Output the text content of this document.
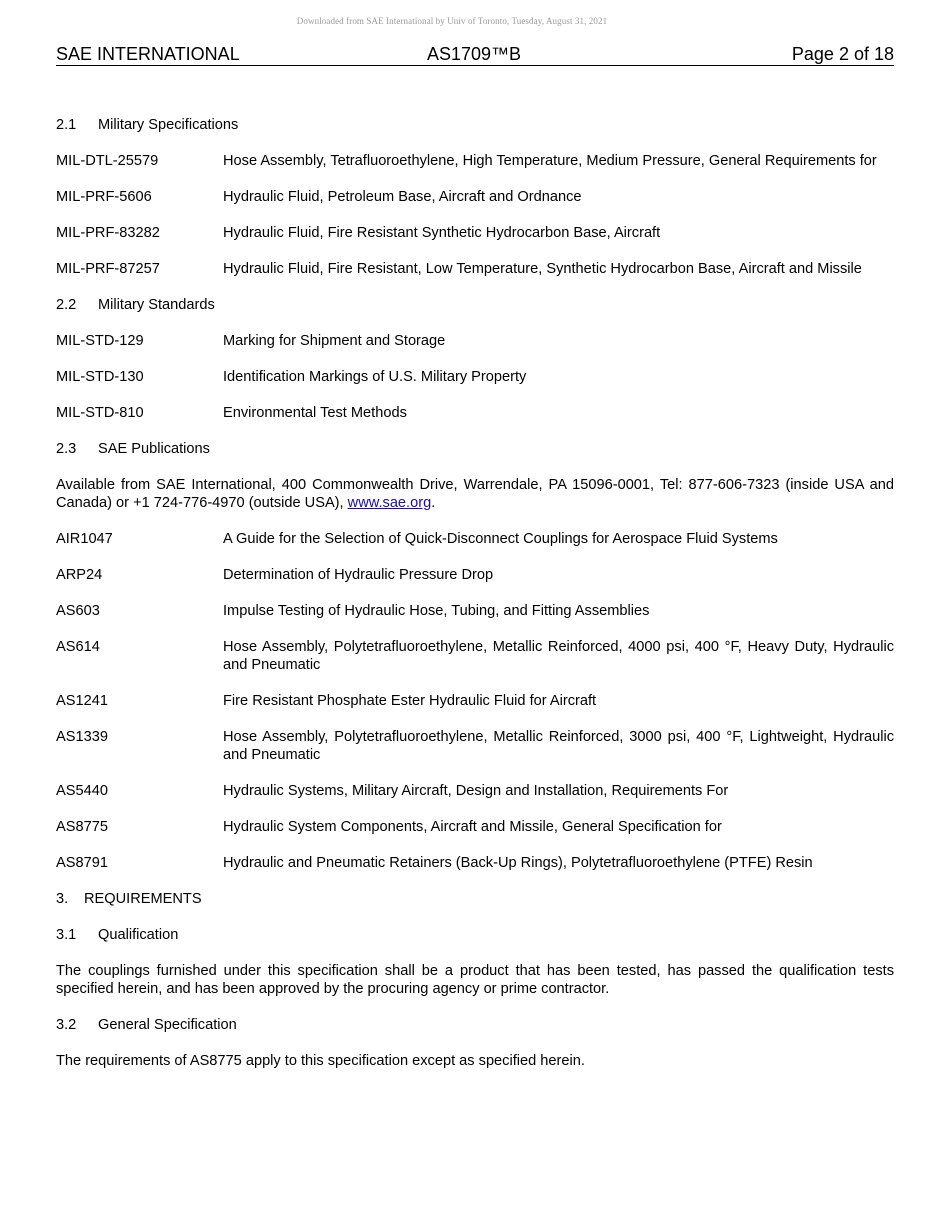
Downloaded from SAE International by Univ of Toronto, Tuesday, August 31, 2021
SAE INTERNATIONAL	AS1709™B	Page 2 of 18
2.1 Military Specifications
MIL-DTL-25579	Hose Assembly, Tetrafluoroethylene, High Temperature, Medium Pressure, General Requirements for
MIL-PRF-5606	Hydraulic Fluid, Petroleum Base, Aircraft and Ordnance
MIL-PRF-83282	Hydraulic Fluid, Fire Resistant Synthetic Hydrocarbon Base, Aircraft
MIL-PRF-87257	Hydraulic Fluid, Fire Resistant, Low Temperature, Synthetic Hydrocarbon Base, Aircraft and Missile
2.2 Military Standards
MIL-STD-129	Marking for Shipment and Storage
MIL-STD-130	Identification Markings of U.S. Military Property
MIL-STD-810	Environmental Test Methods
2.3 SAE Publications
Available from SAE International, 400 Commonwealth Drive, Warrendale, PA 15096-0001, Tel: 877-606-7323 (inside USA and Canada) or +1 724-776-4970 (outside USA), www.sae.org.
AIR1047	A Guide for the Selection of Quick-Disconnect Couplings for Aerospace Fluid Systems
ARP24	Determination of Hydraulic Pressure Drop
AS603	Impulse Testing of Hydraulic Hose, Tubing, and Fitting Assemblies
AS614	Hose Assembly, Polytetrafluoroethylene, Metallic Reinforced, 4000 psi, 400 °F, Heavy Duty, Hydraulic and Pneumatic
AS1241	Fire Resistant Phosphate Ester Hydraulic Fluid for Aircraft
AS1339	Hose Assembly, Polytetrafluoroethylene, Metallic Reinforced, 3000 psi, 400 °F, Lightweight, Hydraulic and Pneumatic
AS5440	Hydraulic Systems, Military Aircraft, Design and Installation, Requirements For
AS8775	Hydraulic System Components, Aircraft and Missile, General Specification for
AS8791	Hydraulic and Pneumatic Retainers (Back-Up Rings), Polytetrafluoroethylene (PTFE) Resin
3. REQUIREMENTS
3.1 Qualification
The couplings furnished under this specification shall be a product that has been tested, has passed the qualification tests specified herein, and has been approved by the procuring agency or prime contractor.
3.2 General Specification
The requirements of AS8775 apply to this specification except as specified herein.
